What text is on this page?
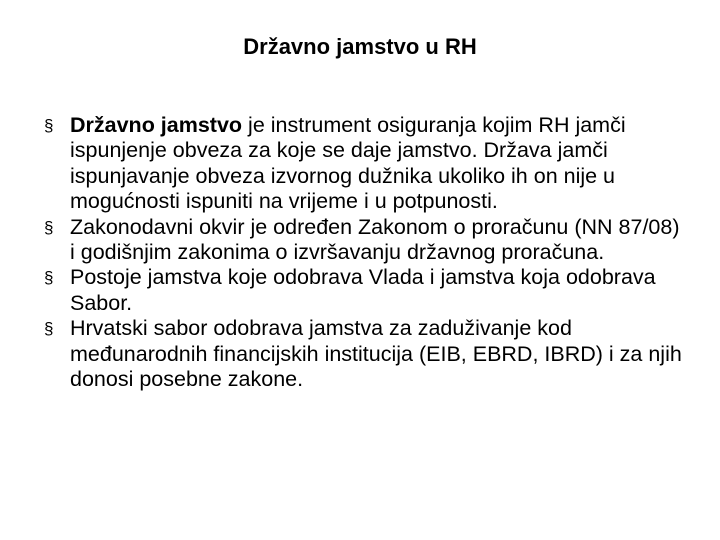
Državno jamstvo u RH
§ Državno jamstvo je instrument osiguranja kojim RH jamči ispunjenje obveza za koje se daje jamstvo. Država jamči ispunjavanje obveza izvornog dužnika ukoliko ih on nije u mogućnosti ispuniti na vrijeme i u potpunosti.
§ Zakonodavni okvir je određen Zakonom o proračunu (NN 87/08) i godišnjim zakonima o izvršavanju državnog proračuna.
§ Postoje jamstva koje odobrava Vlada i jamstva koja odobrava Sabor.
§ Hrvatski sabor odobrava jamstva za zaduživanje kod međunarodnih financijskih institucija (EIB, EBRD, IBRD) i za njih donosi posebne zakone.
